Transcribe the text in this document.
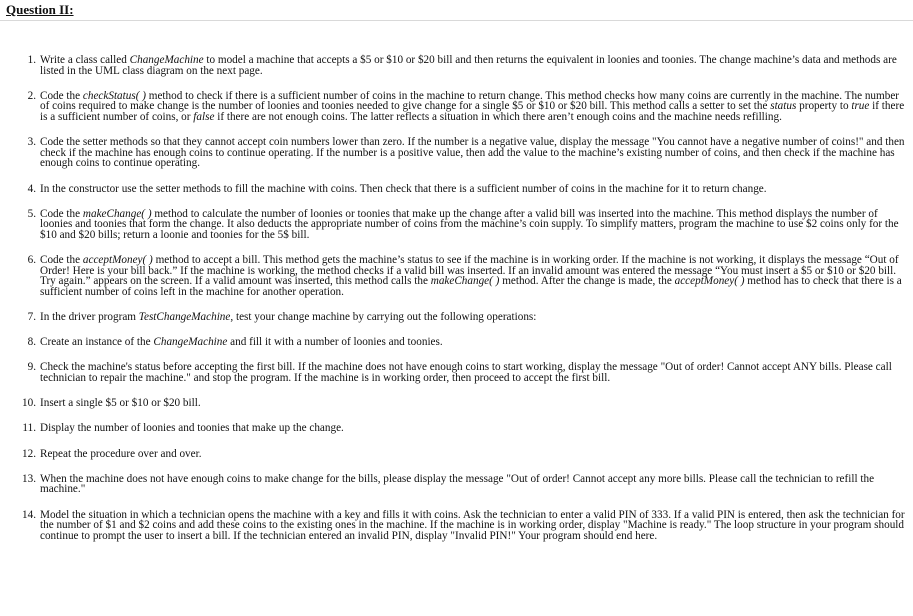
Question II:
1. Write a class called ChangeMachine to model a machine that accepts a $5 or $10 or $20 bill and then returns the equivalent in loonies and toonies. The change machine’s data and methods are listed in the UML class diagram on the next page.
2. Code the checkStatus( ) method to check if there is a sufficient number of coins in the machine to return change. This method checks how many coins are currently in the machine. The number of coins required to make change is the number of loonies and toonies needed to give change for a single $5 or $10 or $20 bill. This method calls a setter to set the status property to true if there is a sufficient number of coins, or false if there are not enough coins. The latter reflects a situation in which there aren’t enough coins and the machine needs refilling.
3. Code the setter methods so that they cannot accept coin numbers lower than zero. If the number is a negative value, display the message "You cannot have a negative number of coins!" and then check if the machine has enough coins to continue operating. If the number is a positive value, then add the value to the machine’s existing number of coins, and then check if the machine has enough coins to continue operating.
4. In the constructor use the setter methods to fill the machine with coins. Then check that there is a sufficient number of coins in the machine for it to return change.
5. Code the makeChange( ) method to calculate the number of loonies or toonies that make up the change after a valid bill was inserted into the machine. This method displays the number of loonies and toonies that form the change. It also deducts the appropriate number of coins from the machine’s coin supply. To simplify matters, program the machine to use $2 coins only for the $10 and $20 bills; return a loonie and toonies for the 5$ bill.
6. Code the acceptMoney( ) method to accept a bill. This method gets the machine’s status to see if the machine is in working order. If the machine is not working, it displays the message “Out of Order! Here is your bill back.” If the machine is working, the method checks if a valid bill was inserted. If an invalid amount was entered the message “You must insert a $5 or $10 or $20 bill. Try again.” appears on the screen. If a valid amount was inserted, this method calls the makeChange( ) method. After the change is made, the acceptMoney( ) method has to check that there is a sufficient number of coins left in the machine for another operation.
7. In the driver program TestChangeMachine, test your change machine by carrying out the following operations:
8. Create an instance of the ChangeMachine and fill it with a number of loonies and toonies.
9. Check the machine's status before accepting the first bill. If the machine does not have enough coins to start working, display the message "Out of order! Cannot accept ANY bills. Please call technician to repair the machine." and stop the program. If the machine is in working order, then proceed to accept the first bill.
10. Insert a single $5 or $10 or $20 bill.
11. Display the number of loonies and toonies that make up the change.
12. Repeat the procedure over and over.
13. When the machine does not have enough coins to make change for the bills, please display the message "Out of order! Cannot accept any more bills. Please call the technician to refill the machine."
14. Model the situation in which a technician opens the machine with a key and fills it with coins. Ask the technician to enter a valid PIN of 333. If a valid PIN is entered, then ask the technician for the number of $1 and $2 coins and add these coins to the existing ones in the machine. If the machine is in working order, display "Machine is ready." The loop structure in your program should continue to prompt the user to insert a bill. If the technician entered an invalid PIN, display "Invalid PIN!" Your program should end here.
